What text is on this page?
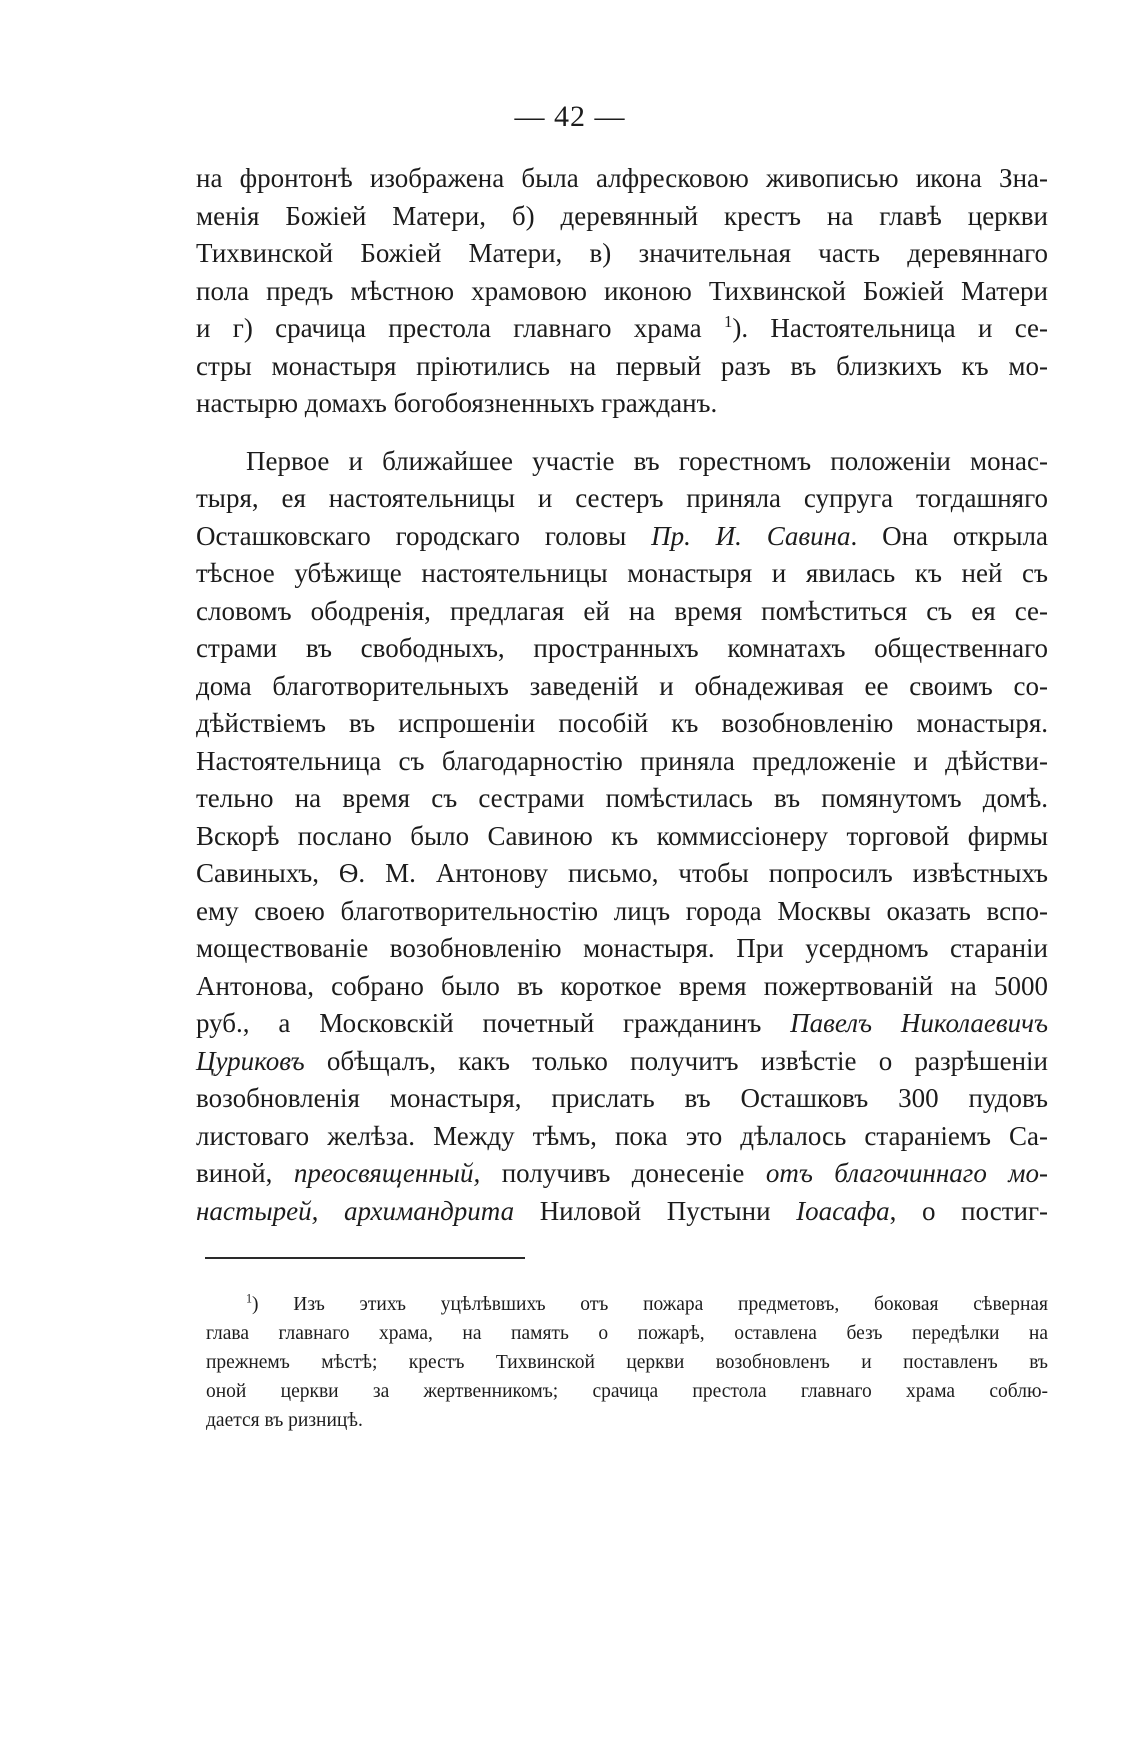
— 42 —
на фронтонѣ изображена была алфресковою живописью икона Зна-
менія Божіей Матери, б) деревянный крестъ на главѣ церкви
Тихвинской Божіей Матери, в) значительная часть деревяннаго
пола предъ мѣстною храмовою иконою Тихвинской Божіей Матери
и г) срачица престола главнаго храма $^1$). Настоятельница и се-
стры монастыря пріютились на первый разъ въ близкихъ къ мо-
настырю домахъ богобоязненныхъ гражданъ.
Первое и ближайшее участіе въ горестномъ положеніи монас-
тыря, ея настоятельницы и сестеръ приняла супруга тогдашняго
Осташковскаго городскаго головы Пр. И. Савина. Она открыла
тѣсное убѣжище настоятельницы монастыря и явилась къ ней съ
словомъ ободренія, предлагая ей на время помѣститься съ ея се-
страми въ свободныхъ, пространныхъ комнатахъ общественнаго
дома благотворительныхъ заведеній и обнадеживая ее своимъ со-
дѣйствіемъ въ испрошеніи пособій къ возобновленію монастыря.
Настоятельница съ благодарностію приняла предложеніе и дѣйстви-
тельно на время съ сестрами помѣстилась въ помянутомъ домѣ.
Вскорѣ послано было Савиною къ коммиссіонеру торговой фирмы
Савиныхъ, Ѳ. М. Антонову письмо, чтобы попросилъ извѣстныхъ
ему своею благотворительностію лицъ города Москвы оказать вспо-
моществованіе возобновленію монастыря. При усердномъ стараніи
Антонова, собрано было въ короткое время пожертвованій на 5000
руб., а Московскій почетный гражданинъ Павелъ Николаевичъ
Цуриковъ обѣщалъ, какъ только получитъ извѣстіе о разрѣшеніи
возобновленія монастыря, прислать въ Осташковъ 300 пудовъ
листоваго желѣза. Между тѣмъ, пока это дѣлалось стараніемъ Са-
виной, преосвященный, получивъ донесеніе отъ благочиннаго мо-
настырей, архимандрита Ниловой Пустыни Іоасафа, о постиг-
$^1$) Изъ этихъ уцѣлѣвшихъ отъ пожара предметовъ, боковая сѣверная
глава главнаго храма, на память о пожарѣ, оставлена безъ передѣлки на
прежнемъ мѣстѣ; крестъ Тихвинской церкви возобновленъ и поставленъ въ
оной церкви за жертвенникомъ; срачица престола главнаго храма соблю-
дается въ ризницѣ.
